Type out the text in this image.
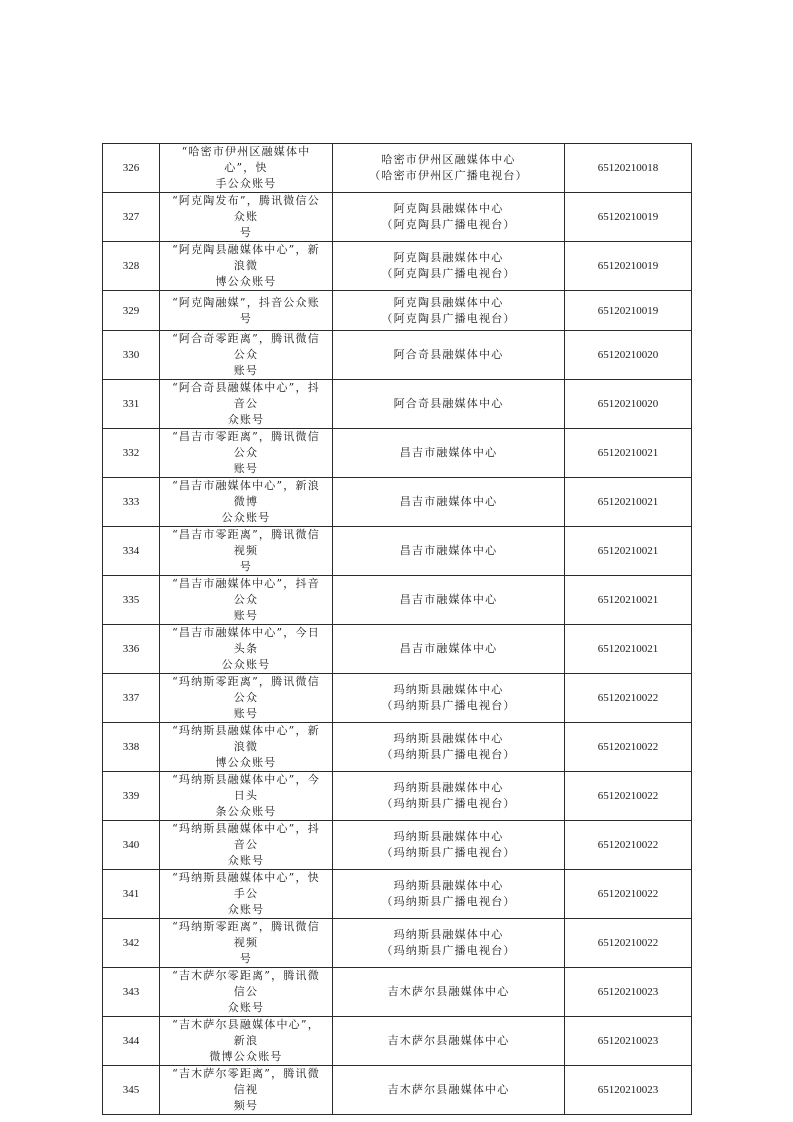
326	“哈密市伊州区融媒体中心”，快
手公众账号	哈密市伊州区融媒体中心
（哈密市伊州区广播电视台）	65120210018
327	“阿克陶发布”，腾讯微信公众账
号	阿克陶县融媒体中心
（阿克陶县广播电视台）	65120210019
328	“阿克陶县融媒体中心”，新浪微
博公众账号	阿克陶县融媒体中心
（阿克陶县广播电视台）	65120210019
329	“阿克陶融媒”，抖音公众账号	阿克陶县融媒体中心
（阿克陶县广播电视台）	65120210019
330	“阿合奇零距离”，腾讯微信公众
账号	阿合奇县融媒体中心	65120210020
331	“阿合奇县融媒体中心”，抖音公
众账号	阿合奇县融媒体中心	65120210020
332	“昌吉市零距离”，腾讯微信公众
账号	昌吉市融媒体中心	65120210021
333	“昌吉市融媒体中心”，新浪微博
公众账号	昌吉市融媒体中心	65120210021
334	“昌吉市零距离”，腾讯微信视频
号	昌吉市融媒体中心	65120210021
335	“昌吉市融媒体中心”，抖音公众
账号	昌吉市融媒体中心	65120210021
336	“昌吉市融媒体中心”，今日头条
公众账号	昌吉市融媒体中心	65120210021
337	“玛纳斯零距离”，腾讯微信公众
账号	玛纳斯县融媒体中心
（玛纳斯县广播电视台）	65120210022
338	“玛纳斯县融媒体中心”，新浪微
博公众账号	玛纳斯县融媒体中心
（玛纳斯县广播电视台）	65120210022
339	“玛纳斯县融媒体中心”，今日头
条公众账号	玛纳斯县融媒体中心
（玛纳斯县广播电视台）	65120210022
340	“玛纳斯县融媒体中心”，抖音公
众账号	玛纳斯县融媒体中心
（玛纳斯县广播电视台）	65120210022
341	“玛纳斯县融媒体中心”，快手公
众账号	玛纳斯县融媒体中心
（玛纳斯县广播电视台）	65120210022
342	“玛纳斯零距离”，腾讯微信视频
号	玛纳斯县融媒体中心
（玛纳斯县广播电视台）	65120210022
343	“吉木萨尔零距离”，腾讯微信公
众账号	吉木萨尔县融媒体中心	65120210023
344	“吉木萨尔县融媒体中心”，新浪
微博公众账号	吉木萨尔县融媒体中心	65120210023
345	“吉木萨尔零距离”，腾讯微信视
频号	吉木萨尔县融媒体中心	65120210023
